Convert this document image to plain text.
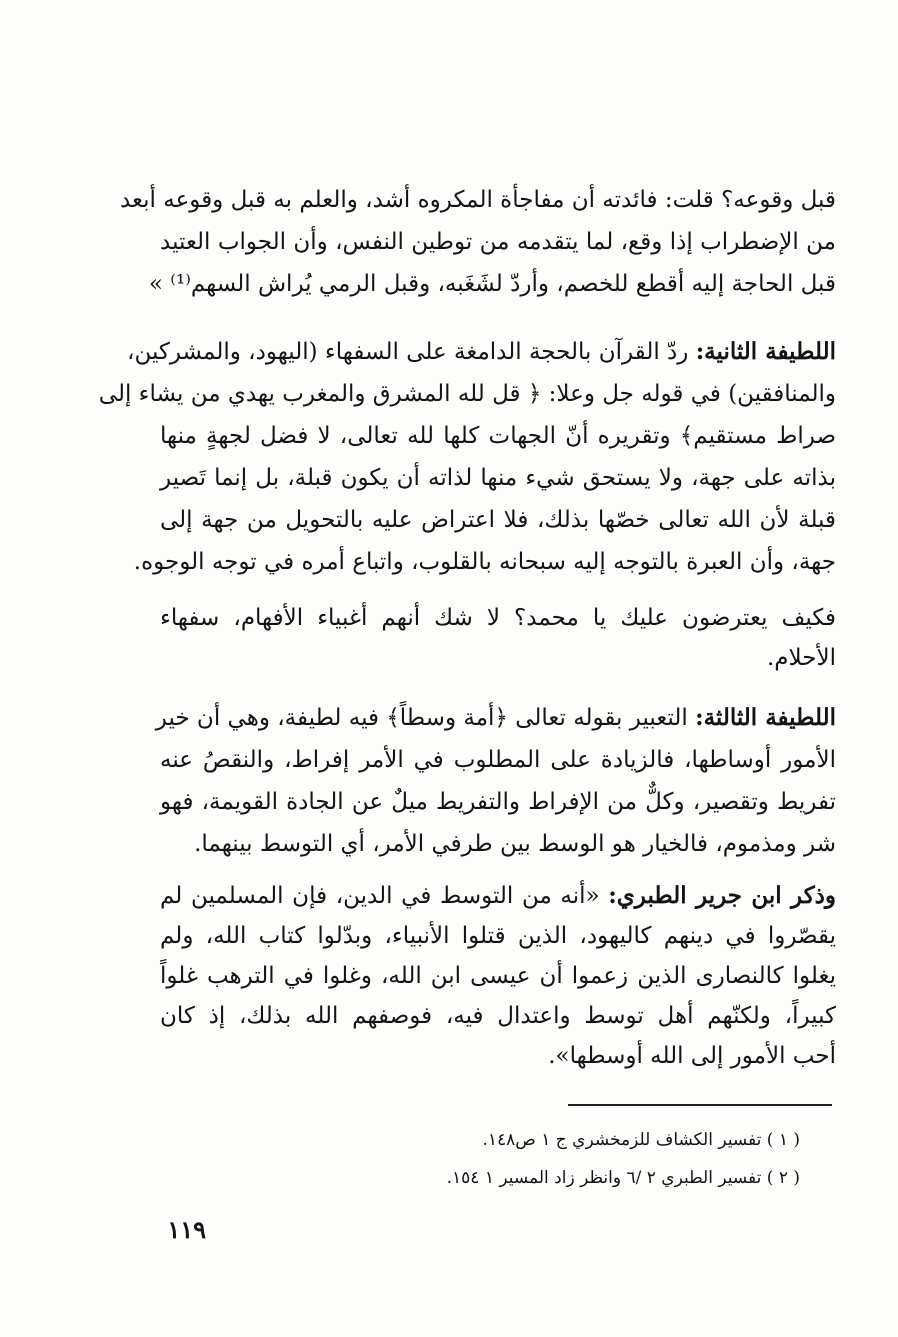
قبل وقوعه؟ قلت: فائدته أن مفاجأة المكروه أشد، والعلم به قبل وقوعه أبعد
من الإضطراب إذا وقع، لما يتقدمه من توطين النفس، وأن الجواب العتيد
قبل الحاجة إليه أقطع للخصم، وأردّ لشَغَبه، وقبل الرمي يُراش السهم⁽¹⁾ »
اللطيفة الثانية: ردّ القرآن بالحجة الدامغة على السفهاء (اليهود، والمشركين،
والمنافقين) في قوله جل وعلا: ﴿ قل لله المشرق والمغرب يهدي من يشاء إلى
صراط مستقيم﴾ وتقريره أنّ الجهات كلها لله تعالى، لا فضل لجهةٍ منها
بذاته على جهة، ولا يستحق شيء منها لذاته أن يكون قبلة، بل إنما تَصير
قبلة لأن الله تعالى خصّها بذلك، فلا اعتراض عليه بالتحويل من جهة إلى
جهة، وأن العبرة بالتوجه إليه سبحانه بالقلوب، واتباع أمره في توجه الوجوه.
فكيف يعترضون عليك يا محمد؟ لا شك أنهم أغبياء الأفهام، سفهاء
الأحلام.
اللطيفة الثالثة: التعبير بقوله تعالى ﴿أمة وسطاً﴾ فيه لطيفة، وهي أن خير
الأمور أوساطها، فالزيادة على المطلوب في الأمر إفراط، والنقصُ عنه
تفريط وتقصير، وكلٌّ من الإفراط والتفريط ميلٌ عن الجادة القويمة، فهو
شر ومذموم، فالخيار هو الوسط بين طرفي الأمر، أي التوسط بينهما.
وذكر ابن جرير الطبري: «أنه من التوسط في الدين، فإن المسلمين لم
يقصّروا في دينهم كاليهود، الذين قتلوا الأنبياء، وبدّلوا كتاب الله، ولم
يغلوا كالنصارى الذين زعموا أن عيسى ابن الله، وغلوا في الترهب غلواً
كبيراً، ولكنّهم أهل توسط واعتدال فيه، فوصفهم الله بذلك، إذ كان
أحب الأمور إلى الله أوسطها».
( ١ ) تفسير الكشاف للزمخشري ج ١ ص١٤٨.
( ٢ ) تفسير الطبري ٢ /٦ وانظر زاد المسير ١ ١٥٤.
١١٩
